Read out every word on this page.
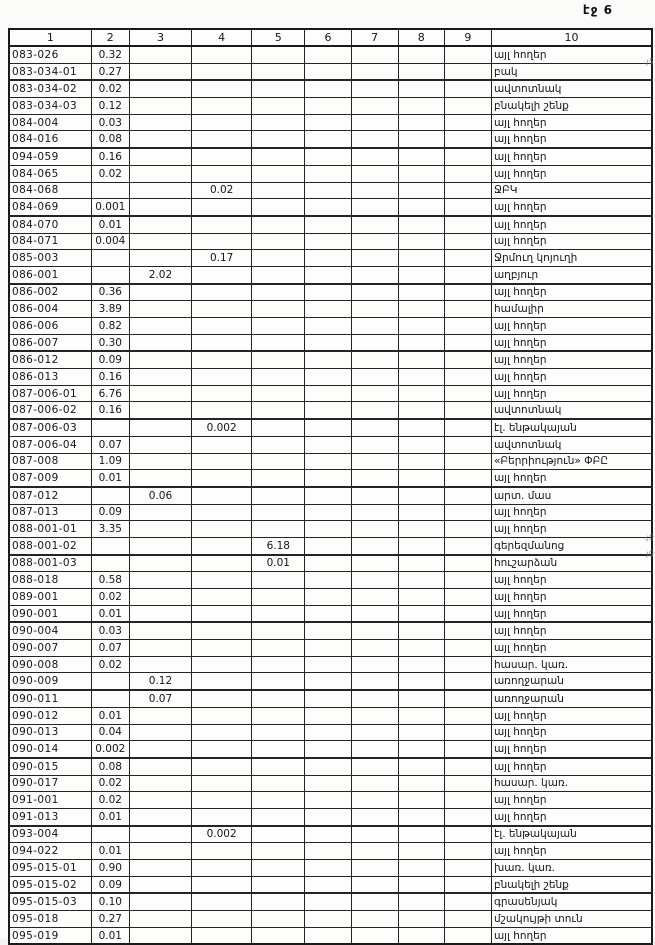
էջ 6
1	2	3	4	5	6	7	8	9	10
083-026	0.32								այլ հողեր
083-034-01	0.27								բակ
083-034-02	0.02								ավտոտնակ
083-034-03	0.12								բնակելի շենք
084-004	0.03								այլ հողեր
084-016	0.08								այլ հողեր
094-059	0.16								այլ հողեր
084-065	0.02								այլ հողեր
084-068			0.02						ՋԲԿ
084-069	0.001								այլ հողեր
084-070	0.01								այլ հողեր
084-071	0.004								այլ հողեր
085-003			0.17						Ջրմուղ կոյուղի
086-001		2.02							աղբյուր
086-002	0.36								այլ հողեր
086-004	3.89								համալիր
086-006	0.82								այլ հողեր
086-007	0.30								այլ հողեր
086-012	0.09								այլ հողեր
086-013	0.16								այլ հողեր
087-006-01	6.76								այլ հողեր
087-006-02	0.16								ավտոտնակ
087-006-03			0.002						էլ. ենթակայան
087-006-04	0.07								ավտոտնակ
087-008	1.09								«Բերրիություն» ՓԲԸ
087-009	0.01								այլ հողեր
087-012		0.06							արտ. մաս
087-013	0.09								այլ հողեր
088-001-01	3.35								այլ հողեր
088-001-02				6.18					գերեզմանոց
088-001-03				0.01					հուշարձան
088-018	0.58								այլ հողեր
089-001	0.02								այլ հողեր
090-001	0.01								այլ հողեր
090-004	0.03								այլ հողեր
090-007	0.07								այլ հողեր
090-008	0.02								հասար. կառ.
090-009		0.12							առողջարան
090-011		0.07							առողջարան
090-012	0.01								այլ հողեր
090-013	0.04								այլ հողեր
090-014	0.002								այլ հողեր
090-015	0.08								այլ հողեր
090-017	0.02								հասար. կառ.
091-001	0.02								այլ հողեր
091-013	0.01								այլ հողեր
093-004			0.002						էլ. ենթակայան
094-022	0.01								այլ հողեր
095-015-01	0.90								խառ. կառ.
095-015-02	0.09								բնակելի շենք
095-015-03	0.10								գրասենյակ
095-018	0.27								մշակույթի տուն
095-019	0.01								այլ հողեր
.յ5
.յ0
.յ0
